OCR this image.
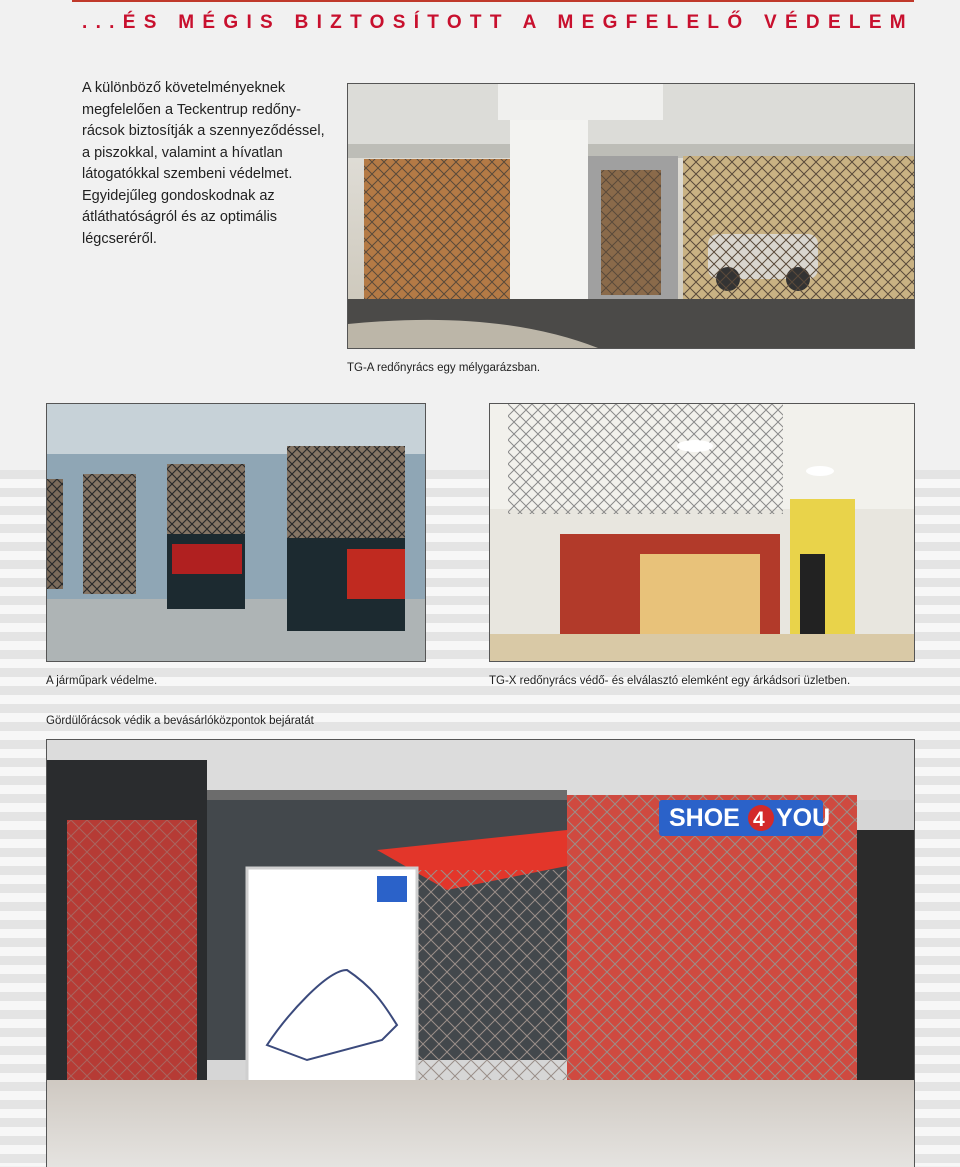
...ÉS MÉGIS BIZTOSÍTOTT A MEGFELELŐ VÉDELEM

A különböző követelményeknek megfelelően a Teckentrup redőnyrácsok biztosítják a szennyeződéssel, a piszokkal, valamint a hívatlan látogatókkal szembeni védelmet.

Egyidejűleg gondoskodnak az átláthatóságról és az optimális légcseréről.

TG-A redőnyrács egy mélygarázsban.
A járműpark védelme.	TG-X redőnyrács védő- és elválasztó elemként egy árkádsori üzletben.
Gördülőrácsok védik a bevásárlóközpontok bejáratát
SHOE 4 YOU
